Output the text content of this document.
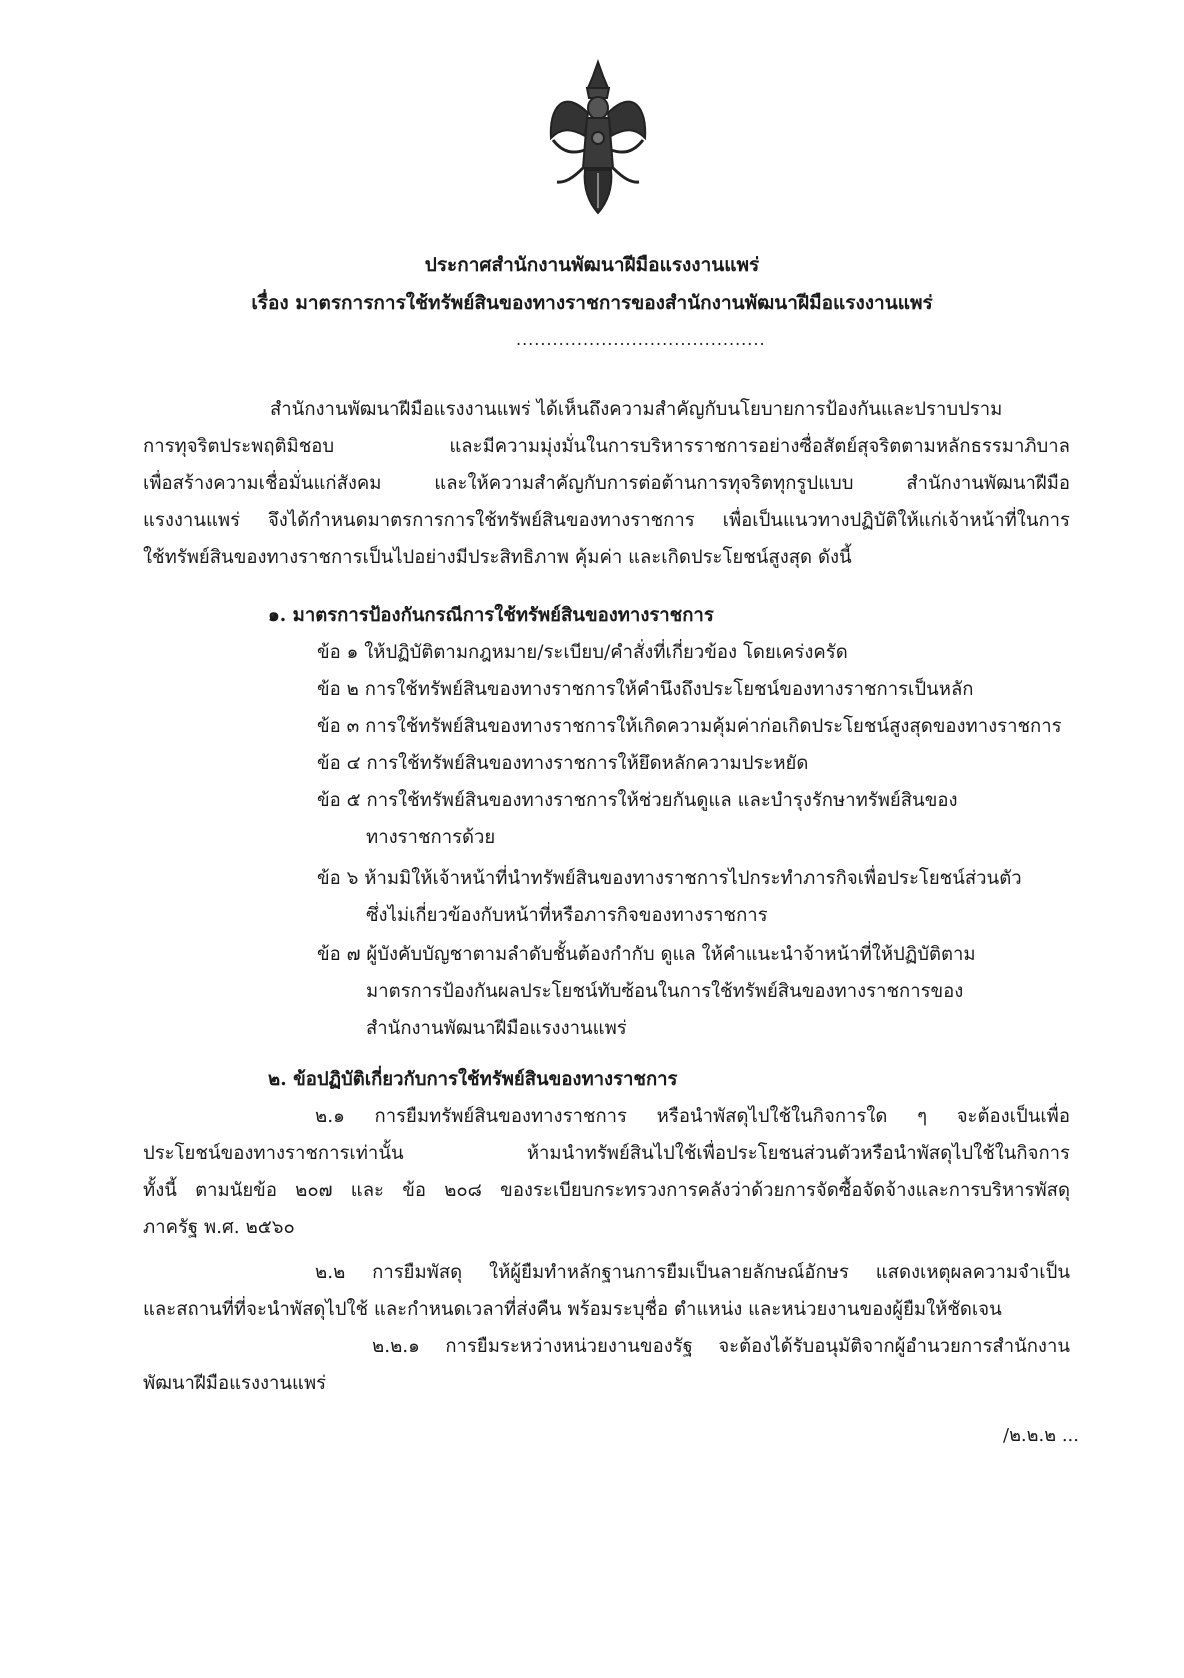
ประกาศสำนักงานพัฒนาฝีมือแรงงานแพร่
เรื่อง มาตรการการใช้ทรัพย์สินของทางราชการของสำนักงานพัฒนาฝีมือแรงงานแพร่
.........................................
สำนักงานพัฒนาฝีมือแรงงานแพร่ ได้เห็นถึงความสำคัญกับนโยบายการป้องกันและปราบปราม
การทุจริตประพฤติมิชอบ และมีความมุ่งมั่นในการบริหารราชการอย่างซื่อสัตย์สุจริตตามหลักธรรมาภิบาล
เพื่อสร้างความเชื่อมั่นแก่สังคม และให้ความสำคัญกับการต่อต้านการทุจริตทุกรูปแบบ สำนักงานพัฒนาฝีมือ
แรงงานแพร่ จึงได้กำหนดมาตรการการใช้ทรัพย์สินของทางราชการ เพื่อเป็นแนวทางปฏิบัติให้แก่เจ้าหน้าที่ในการ
ใช้ทรัพย์สินของทางราชการเป็นไปอย่างมีประสิทธิภาพ คุ้มค่า และเกิดประโยชน์สูงสุด ดังนี้
๑. มาตรการป้องกันกรณีการใช้ทรัพย์สินของทางราชการ
ข้อ ๑ ให้ปฏิบัติตามกฎหมาย/ระเบียบ/คำสั่งที่เกี่ยวข้อง โดยเคร่งครัด
ข้อ ๒ การใช้ทรัพย์สินของทางราชการให้คำนึงถึงประโยชน์ของทางราชการเป็นหลัก
ข้อ ๓ การใช้ทรัพย์สินของทางราชการให้เกิดความคุ้มค่าก่อเกิดประโยชน์สูงสุดของทางราชการ
ข้อ ๔ การใช้ทรัพย์สินของทางราชการให้ยึดหลักความประหยัด
ข้อ ๕ การใช้ทรัพย์สินของทางราชการให้ช่วยกันดูแล และบำรุงรักษาทรัพย์สินของ
ทางราชการด้วย
ข้อ ๖ ห้ามมิให้เจ้าหน้าที่นำทรัพย์สินของทางราชการไปกระทำภารกิจเพื่อประโยชน์ส่วนตัว
ซึ่งไม่เกี่ยวข้องกับหน้าที่หรือภารกิจของทางราชการ
ข้อ ๗ ผู้บังคับบัญชาตามลำดับชั้นต้องกำกับ ดูแล ให้คำแนะนำจ้าหน้าที่ให้ปฏิบัติตาม
มาตรการป้องกันผลประโยชน์ทับซ้อนในการใช้ทรัพย์สินของทางราชการของ
สำนักงานพัฒนาฝีมือแรงงานแพร่
๒. ข้อปฏิบัติเกี่ยวกับการใช้ทรัพย์สินของทางราชการ
๒.๑ การยืมทรัพย์สินของทางราชการ หรือนำพัสดุไปใช้ในกิจการใด ๆ จะต้องเป็นเพื่อ
ประโยชน์ของทางราชการเท่านั้น ห้ามนำทรัพย์สินไปใช้เพื่อประโยชนส่วนตัวหรือนำพัสดุไปใช้ในกิจการ
ทั้งนี้ ตามนัยข้อ ๒๐๗ และ ข้อ ๒๐๘ ของระเบียบกระทรวงการคลังว่าด้วยการจัดซื้อจัดจ้างและการบริหารพัสดุ
ภาครัฐ พ.ศ. ๒๕๖๐
๒.๒ การยืมพัสดุ ให้ผู้ยืมทำหลักฐานการยืมเป็นลายลักษณ์อักษร แสดงเหตุผลความจำเป็น
และสถานที่ที่จะนำพัสดุไปใช้ และกำหนดเวลาที่ส่งคืน พร้อมระบุชื่อ ตำแหน่ง และหน่วยงานของผู้ยืมให้ชัดเจน
๒.๒.๑ การยืมระหว่างหน่วยงานของรัฐ จะต้องได้รับอนุมัติจากผู้อำนวยการสำนักงาน
พัฒนาฝีมือแรงงานแพร่
/๒.๒.๒ ...
